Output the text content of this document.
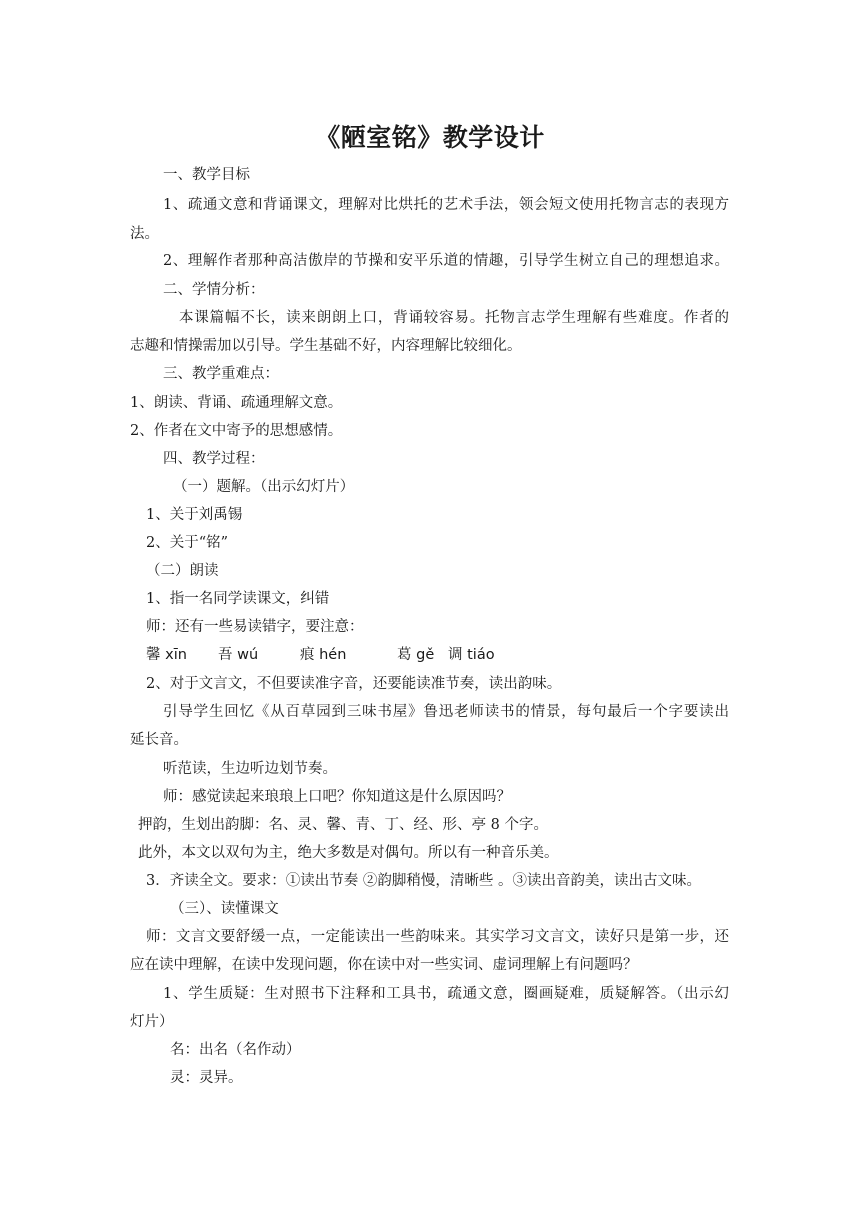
《陋室铭》教学设计
一、教学目标
1、疏通文意和背诵课文，理解对比烘托的艺术手法，领会短文使用托物言志的表现方
法。
2、理解作者那种高洁傲岸的节操和安平乐道的情趣，引导学生树立自己的理想追求。
二、学情分析：
本课篇幅不长，读来朗朗上口，背诵较容易。托物言志学生理解有些难度。作者的
志趣和情操需加以引导。学生基础不好，内容理解比较细化。
三、教学重难点：
1、朗读、背诵、疏通理解文意。
2、作者在文中寄予的思想感情。
四、教学过程：
（一）题解。（出示幻灯片）
1、关于刘禹锡
2、关于“铭”
（二）朗读
1、指一名同学读课文，纠错
师：还有一些易读错字，要注意：
馨 xīn 吾 wú	痕 hén	葛 gě 调 tiáo
2、对于文言文，不但要读准字音，还要能读准节奏，读出韵味。
引导学生回忆《从百草园到三味书屋》鲁迅老师读书的情景，每句最后一个字要读出
延长音。
听范读，生边听边划节奏。
师：感觉读起来琅琅上口吧？你知道这是什么原因吗？
押韵，生划出韵脚：名、灵、馨、青、丁、经、形、亭 8 个字。
此外，本文以双句为主，绝大多数是对偶句。所以有一种音乐美。
3．齐读全文。要求：①读出节奏 ②韵脚稍慢，清晰些 。③读出音韵美，读出古文味。
（三）、读懂课文
师：文言文要舒缓一点，一定能读出一些韵味来。其实学习文言文，读好只是第一步，还
应在读中理解，在读中发现问题，你在读中对一些实词、虚词理解上有问题吗？
1、学生质疑：生对照书下注释和工具书，疏通文意，圈画疑难，质疑解答。（出示幻
灯片）
名：出名（名作动）
灵：灵异。
